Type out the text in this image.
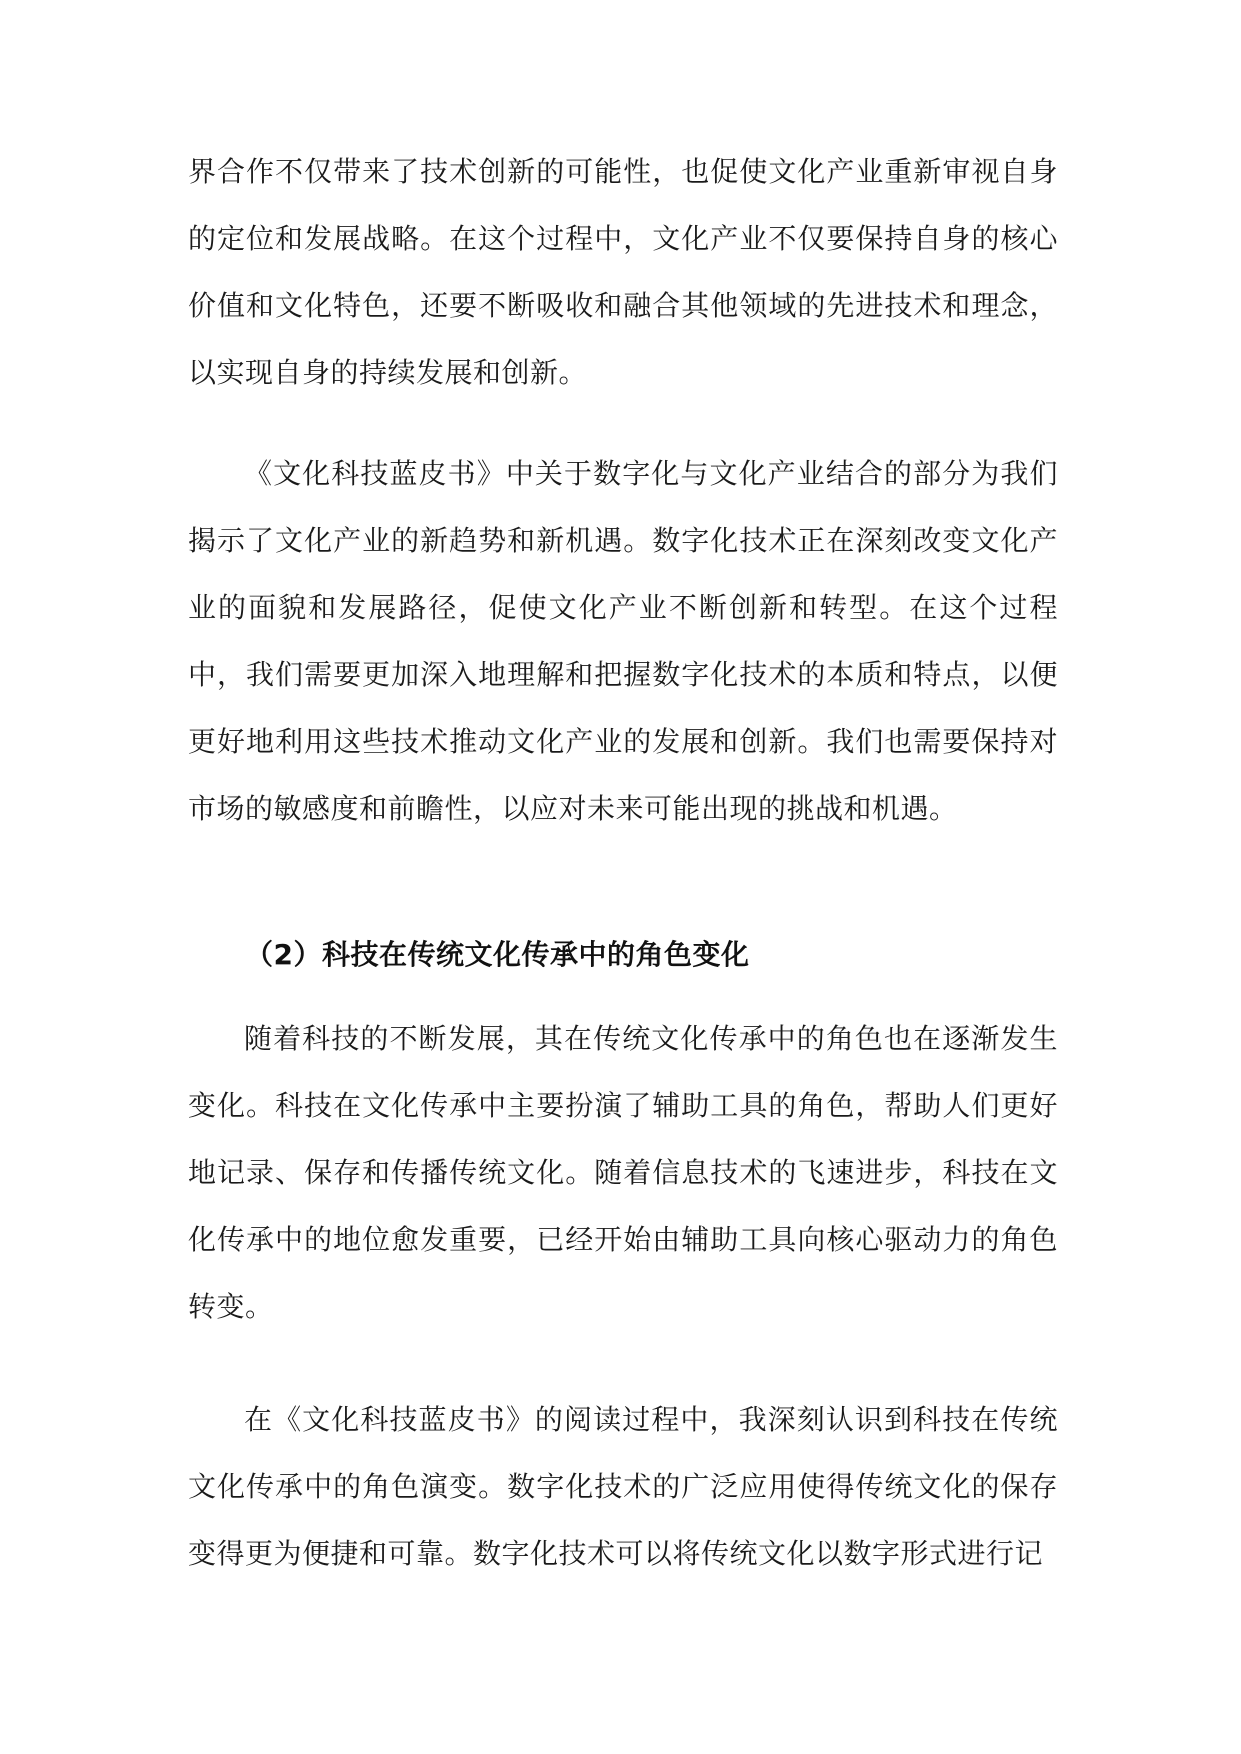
界合作不仅带来了技术创新的可能性，也促使文化产业重新审视自身的定位和发展战略。在这个过程中，文化产业不仅要保持自身的核心价值和文化特色，还要不断吸收和融合其他领域的先进技术和理念，以实现自身的持续发展和创新。

《文化科技蓝皮书》中关于数字化与文化产业结合的部分为我们揭示了文化产业的新趋势和新机遇。数字化技术正在深刻改变文化产业的面貌和发展路径，促使文化产业不断创新和转型。在这个过程中，我们需要更加深入地理解和把握数字化技术的本质和特点，以便更好地利用这些技术推动文化产业的发展和创新。我们也需要保持对市场的敏感度和前瞻性，以应对未来可能出现的挑战和机遇。

（2）科技在传统文化传承中的角色变化

随着科技的不断发展，其在传统文化传承中的角色也在逐渐发生变化。科技在文化传承中主要扮演了辅助工具的角色，帮助人们更好地记录、保存和传播传统文化。随着信息技术的飞速进步，科技在文化传承中的地位愈发重要，已经开始由辅助工具向核心驱动力的角色转变。

在《文化科技蓝皮书》的阅读过程中，我深刻认识到科技在传统文化传承中的角色演变。数字化技术的广泛应用使得传统文化的保存变得更为便捷和可靠。数字化技术可以将传统文化以数字形式进行记
